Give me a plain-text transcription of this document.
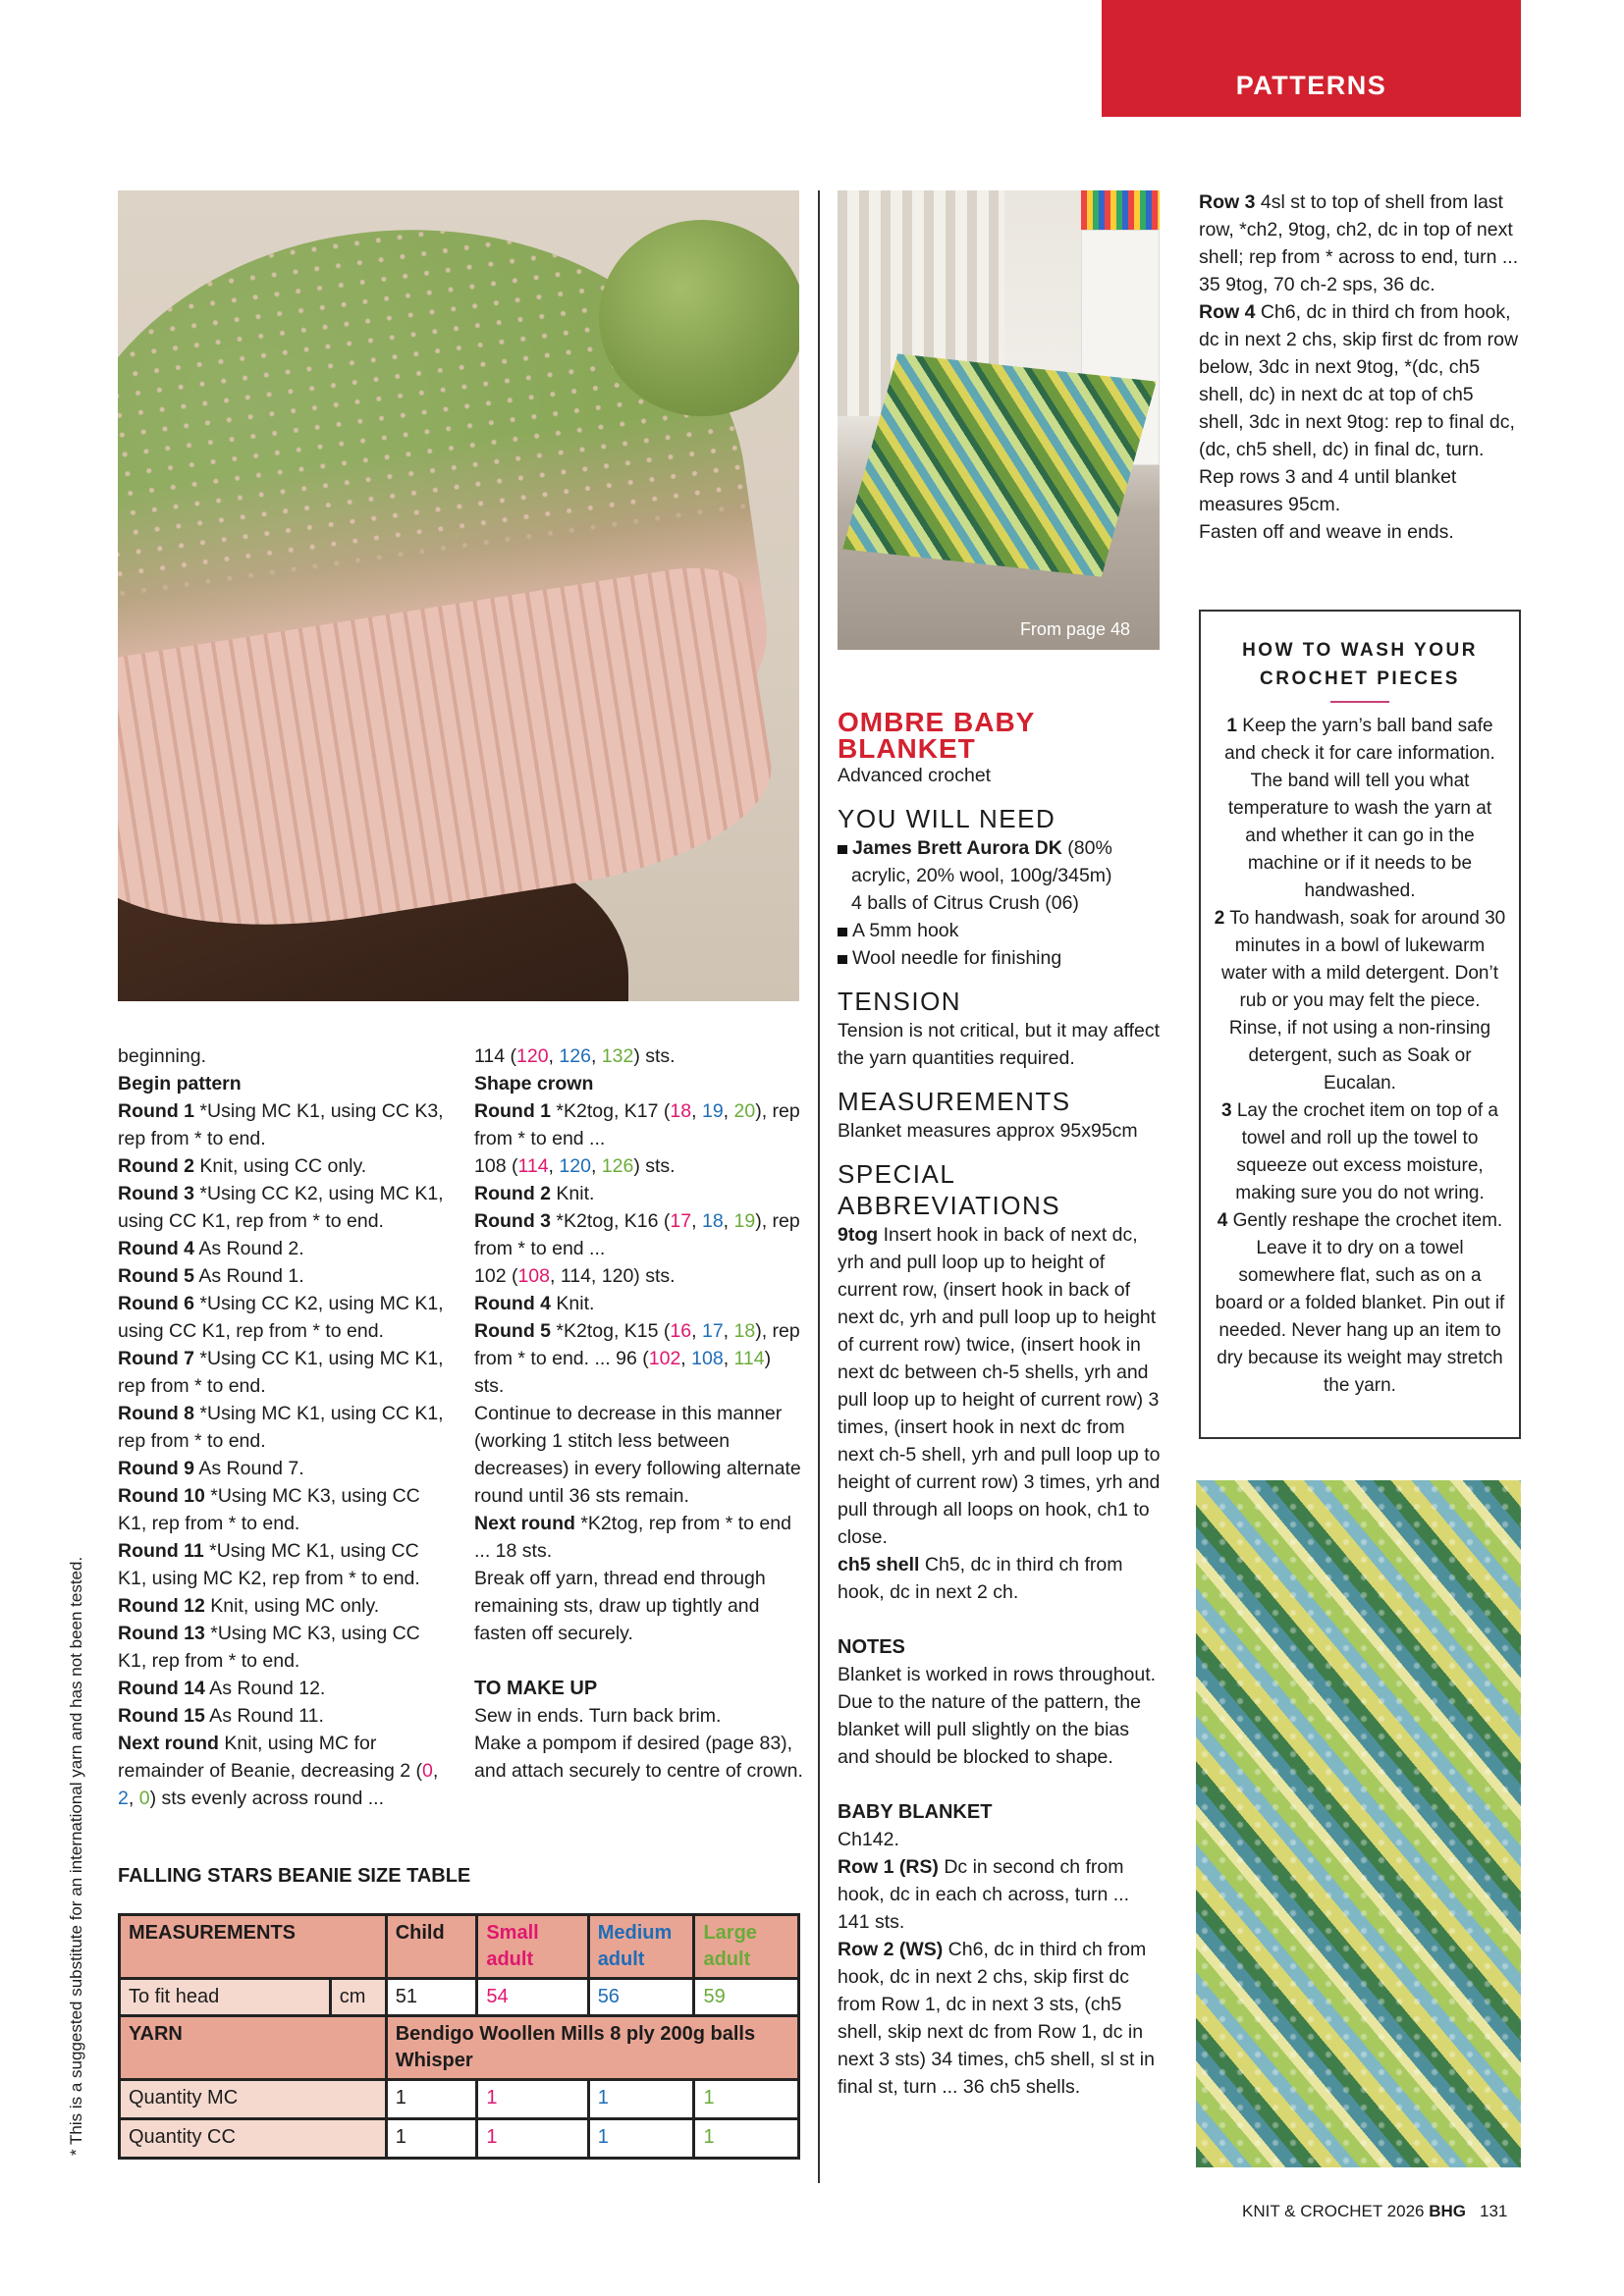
PATTERNS
From page 48
beginning.
Begin pattern
Round 1 *Using MC K1, using CC K3, rep from * to end.
Round 2 Knit, using CC only.
Round 3 *Using CC K2, using MC K1, using CC K1, rep from * to end.
Round 4 As Round 2.
Round 5 As Round 1.
Round 6 *Using CC K2, using MC K1, using CC K1, rep from * to end.
Round 7 *Using CC K1, using MC K1, rep from * to end.
Round 8 *Using MC K1, using CC K1, rep from * to end.
Round 9 As Round 7.
Round 10 *Using MC K3, using CC K1, rep from * to end.
Round 11 *Using MC K1, using CC K1, using MC K2, rep from * to end.
Round 12 Knit, using MC only.
Round 13 *Using MC K3, using CC K1, rep from * to end.
Round 14 As Round 12.
Round 15 As Round 11.
Next round Knit, using MC for remainder of Beanie, decreasing 2 (0, 2, 0) sts evenly across round ...
114 (120, 126, 132) sts.
Shape crown
Round 1 *K2tog, K17 (18, 19, 20), rep from * to end ...
108 (114, 120, 126) sts.
Round 2 Knit.
Round 3 *K2tog, K16 (17, 18, 19), rep from * to end ...
102 (108, 114, 120) sts.
Round 4 Knit.
Round 5 *K2tog, K15 (16, 17, 18), rep from * to end. ... 96 (102, 108, 114) sts.
Continue to decrease in this manner (working 1 stitch less between decreases) in every following alternate round until 36 sts remain.
Next round *K2tog, rep from * to end ... 18 sts.
Break off yarn, thread end through remaining sts, draw up tightly and fasten off securely.
TO MAKE UP
Sew in ends. Turn back brim.
Make a pompom if desired (page 83), and attach securely to centre of crown.
OMBRE BABY
BLANKET
Advanced crochet
YOU WILL NEED
James Brett Aurora DK (80% acrylic, 20% wool, 100g/345m)
4 balls of Citrus Crush (06)
A 5mm hook
Wool needle for finishing
TENSION
Tension is not critical, but it may affect the yarn quantities required.
MEASUREMENTS
Blanket measures approx 95x95cm
SPECIAL ABBREVIATIONS
9tog Insert hook in back of next dc, yrh and pull loop up to height of current row, (insert hook in back of next dc, yrh and pull loop up to height of current row) twice, (insert hook in next dc between ch-5 shells, yrh and pull loop up to height of current row) 3 times, (insert hook in next dc from next ch-5 shell, yrh and pull loop up to height of current row) 3 times, yrh and pull through all loops on hook, ch1 to close.
ch5 shell Ch5, dc in third ch from hook, dc in next 2 ch.
NOTES
Blanket is worked in rows throughout. Due to the nature of the pattern, the blanket will pull slightly on the bias and should be blocked to shape.
BABY BLANKET
Ch142.
Row 1 (RS) Dc in second ch from hook, dc in each ch across, turn ... 141 sts.
Row 2 (WS) Ch6, dc in third ch from hook, dc in next 2 chs, skip first dc from Row 1, dc in next 3 sts, (ch5 shell, skip next dc from Row 1, dc in next 3 sts) 34 times, ch5 shell, sl st in final st, turn ... 36 ch5 shells.
Row 3 4sl st to top of shell from last row, *ch2, 9tog, ch2, dc in top of next shell; rep from * across to end, turn ... 35 9tog, 70 ch-2 sps, 36 dc.
Row 4 Ch6, dc in third ch from hook, dc in next 2 chs, skip first dc from row below, 3dc in next 9tog, *(dc, ch5 shell, dc) in next dc at top of ch5 shell, 3dc in next 9tog: rep to final dc, (dc, ch5 shell, dc) in final dc, turn.
Rep rows 3 and 4 until blanket measures 95cm.
Fasten off and weave in ends.
HOW TO WASH YOUR CROCHET PIECES

1 Keep the yarn’s ball band safe and check it for care information. The band will tell you what temperature to wash the yarn at and whether it can go in the machine or if it needs to be handwashed.

2 To handwash, soak for around 30 minutes in a bowl of lukewarm water with a mild detergent. Don’t rub or you may felt the piece. Rinse, if not using a non-rinsing detergent, such as Soak or Eucalan.

3 Lay the crochet item on top of a towel and roll up the towel to squeeze out excess moisture, making sure you do not wring.

4 Gently reshape the crochet item. Leave it to dry on a towel somewhere flat, such as on a board or a folded blanket. Pin out if needed. Never hang up an item to dry because its weight may stretch the yarn.

FALLING STARS BEANIE SIZE TABLE
MEASUREMENTS		Child	Small adult	Medium adult	Large adult
To fit head	cm	51	54	56	59
YARN		Bendigo Woollen Mills 8 ply 200g balls Whisper			
Quantity MC		1	1	1	1
Quantity CC		1	1	1	1
* This is a suggested substitute for an international yarn and has not been tested.
KNIT & CROCHET 2026 BHG 131
